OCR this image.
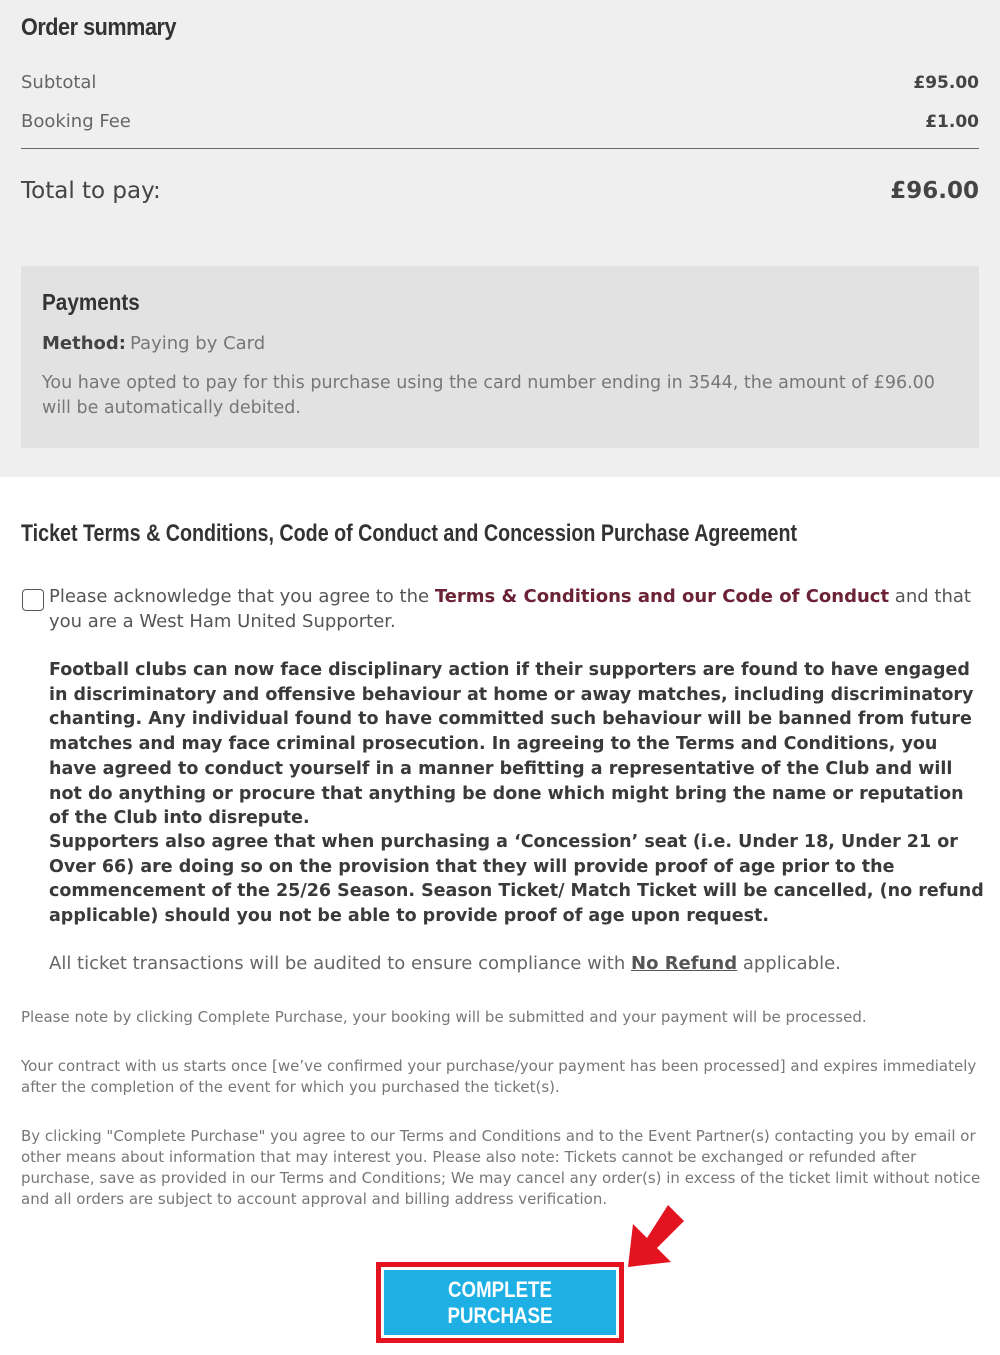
Order summary
Subtotal	£95.00
Booking Fee	£1.00
Total to pay:	£96.00
Payments
Method: Paying by Card
You have opted to pay for this purchase using the card number ending in 3544, the amount of £96.00 will be automatically debited.
Ticket Terms & Conditions, Code of Conduct and Concession Purchase Agreement
Please acknowledge that you agree to the Terms & Conditions and our Code of Conduct and that you are a West Ham United Supporter.
Football clubs can now face disciplinary action if their supporters are found to have engaged in discriminatory and offensive behaviour at home or away matches, including discriminatory chanting. Any individual found to have committed such behaviour will be banned from future matches and may face criminal prosecution. In agreeing to the Terms and Conditions, you have agreed to conduct yourself in a manner befitting a representative of the Club and will not do anything or procure that anything be done which might bring the name or reputation of the Club into disrepute.
Supporters also agree that when purchasing a ‘Concession’ seat (i.e. Under 18, Under 21 or Over 66) are doing so on the provision that they will provide proof of age prior to the commencement of the 25/26 Season. Season Ticket/ Match Ticket will be cancelled, (no refund applicable) should you not be able to provide proof of age upon request.
All ticket transactions will be audited to ensure compliance with No Refund applicable.
Please note by clicking Complete Purchase, your booking will be submitted and your payment will be processed.
Your contract with us starts once [we’ve confirmed your purchase/your payment has been processed] and expires immediately after the completion of the event for which you purchased the ticket(s).
By clicking "Complete Purchase" you agree to our Terms and Conditions and to the Event Partner(s) contacting you by email or other means about information that may interest you. Please also note: Tickets cannot be exchanged or refunded after purchase, save as provided in our Terms and Conditions; We may cancel any order(s) in excess of the ticket limit without notice and all orders are subject to account approval and billing address verification.
COMPLETE PURCHASE
